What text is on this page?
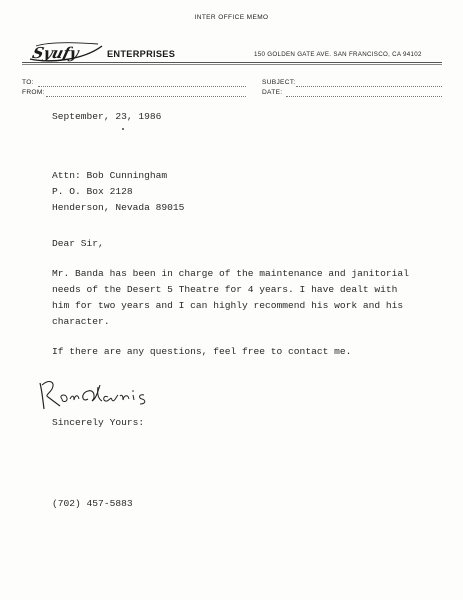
INTER OFFICE MEMO
Syufy	ENTERPRISES	150 GOLDEN GATE AVE. SAN FRANCISCO, CA 94102
TO:
FROM:
SUBJECT:
DATE:
September, 23, 1986
Attn: Bob Cunningham
P. O. Box 2128
Henderson, Nevada 89015
Dear Sir,
Mr. Banda has been in charge of the maintenance and janitorial
needs of the Desert 5 Theatre for 4 years. I have dealt with
him for two years and I can highly recommend his work and his
character.
If there are any questions, feel free to contact me.
Sincerely Yours:
(702) 457-5883
